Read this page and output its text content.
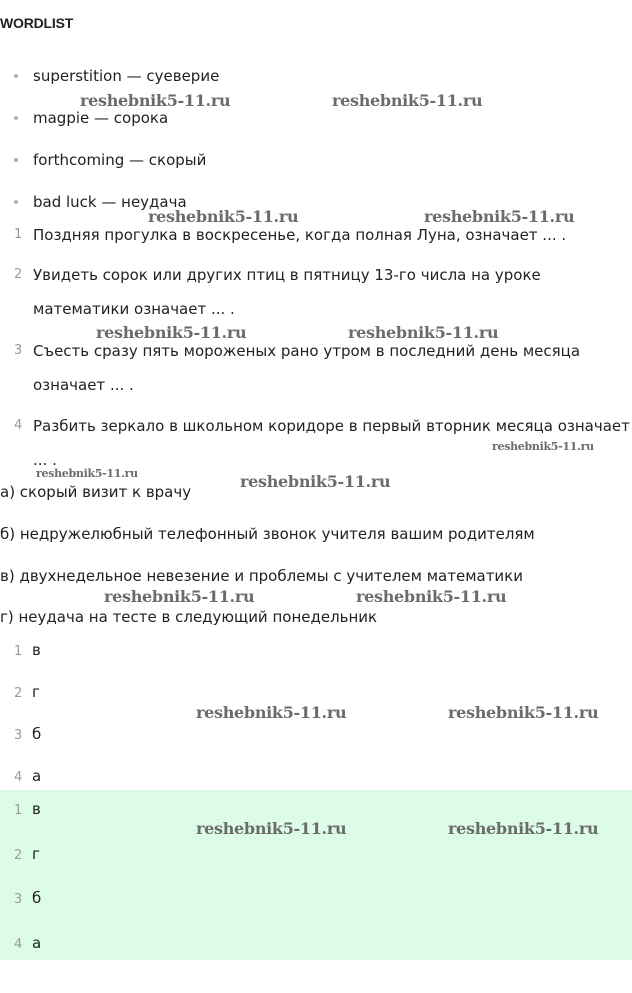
WORDLIST
superstition — суеверие
magpie — сорока
forthcoming — скорый
bad luck — неудача
1 Поздняя прогулка в воскресенье, когда полная Луна, означает ... .
2 Увидеть сорок или других птиц в пятницу 13-го числа на уроке математики означает ... .
3 Съесть сразу пять мороженых рано утром в последний день месяца означает ... .
4 Разбить зеркало в школьном коридоре в первый вторник месяца означает ... .
а) скорый визит к врачу
б) недружелюбный телефонный звонок учителя вашим родителям
в) двухнедельное невезение и проблемы с учителем математики
г) неудача на тесте в следующий понедельник
1 в
2 г
3 б
4 а
1 в
2 г
3 б
4 а
reshebnik5-11.ru	reshebnik5-11.ru
reshebnik5-11.ru	reshebnik5-11.ru
reshebnik5-11.ru	reshebnik5-11.ru
reshebnik5-11.ru
reshebnik5-11.ru	reshebnik5-11.ru
reshebnik5-11.ru	reshebnik5-11.ru
reshebnik5-11.ru	reshebnik5-11.ru
reshebnik5-11.ru	reshebnik5-11.ru
